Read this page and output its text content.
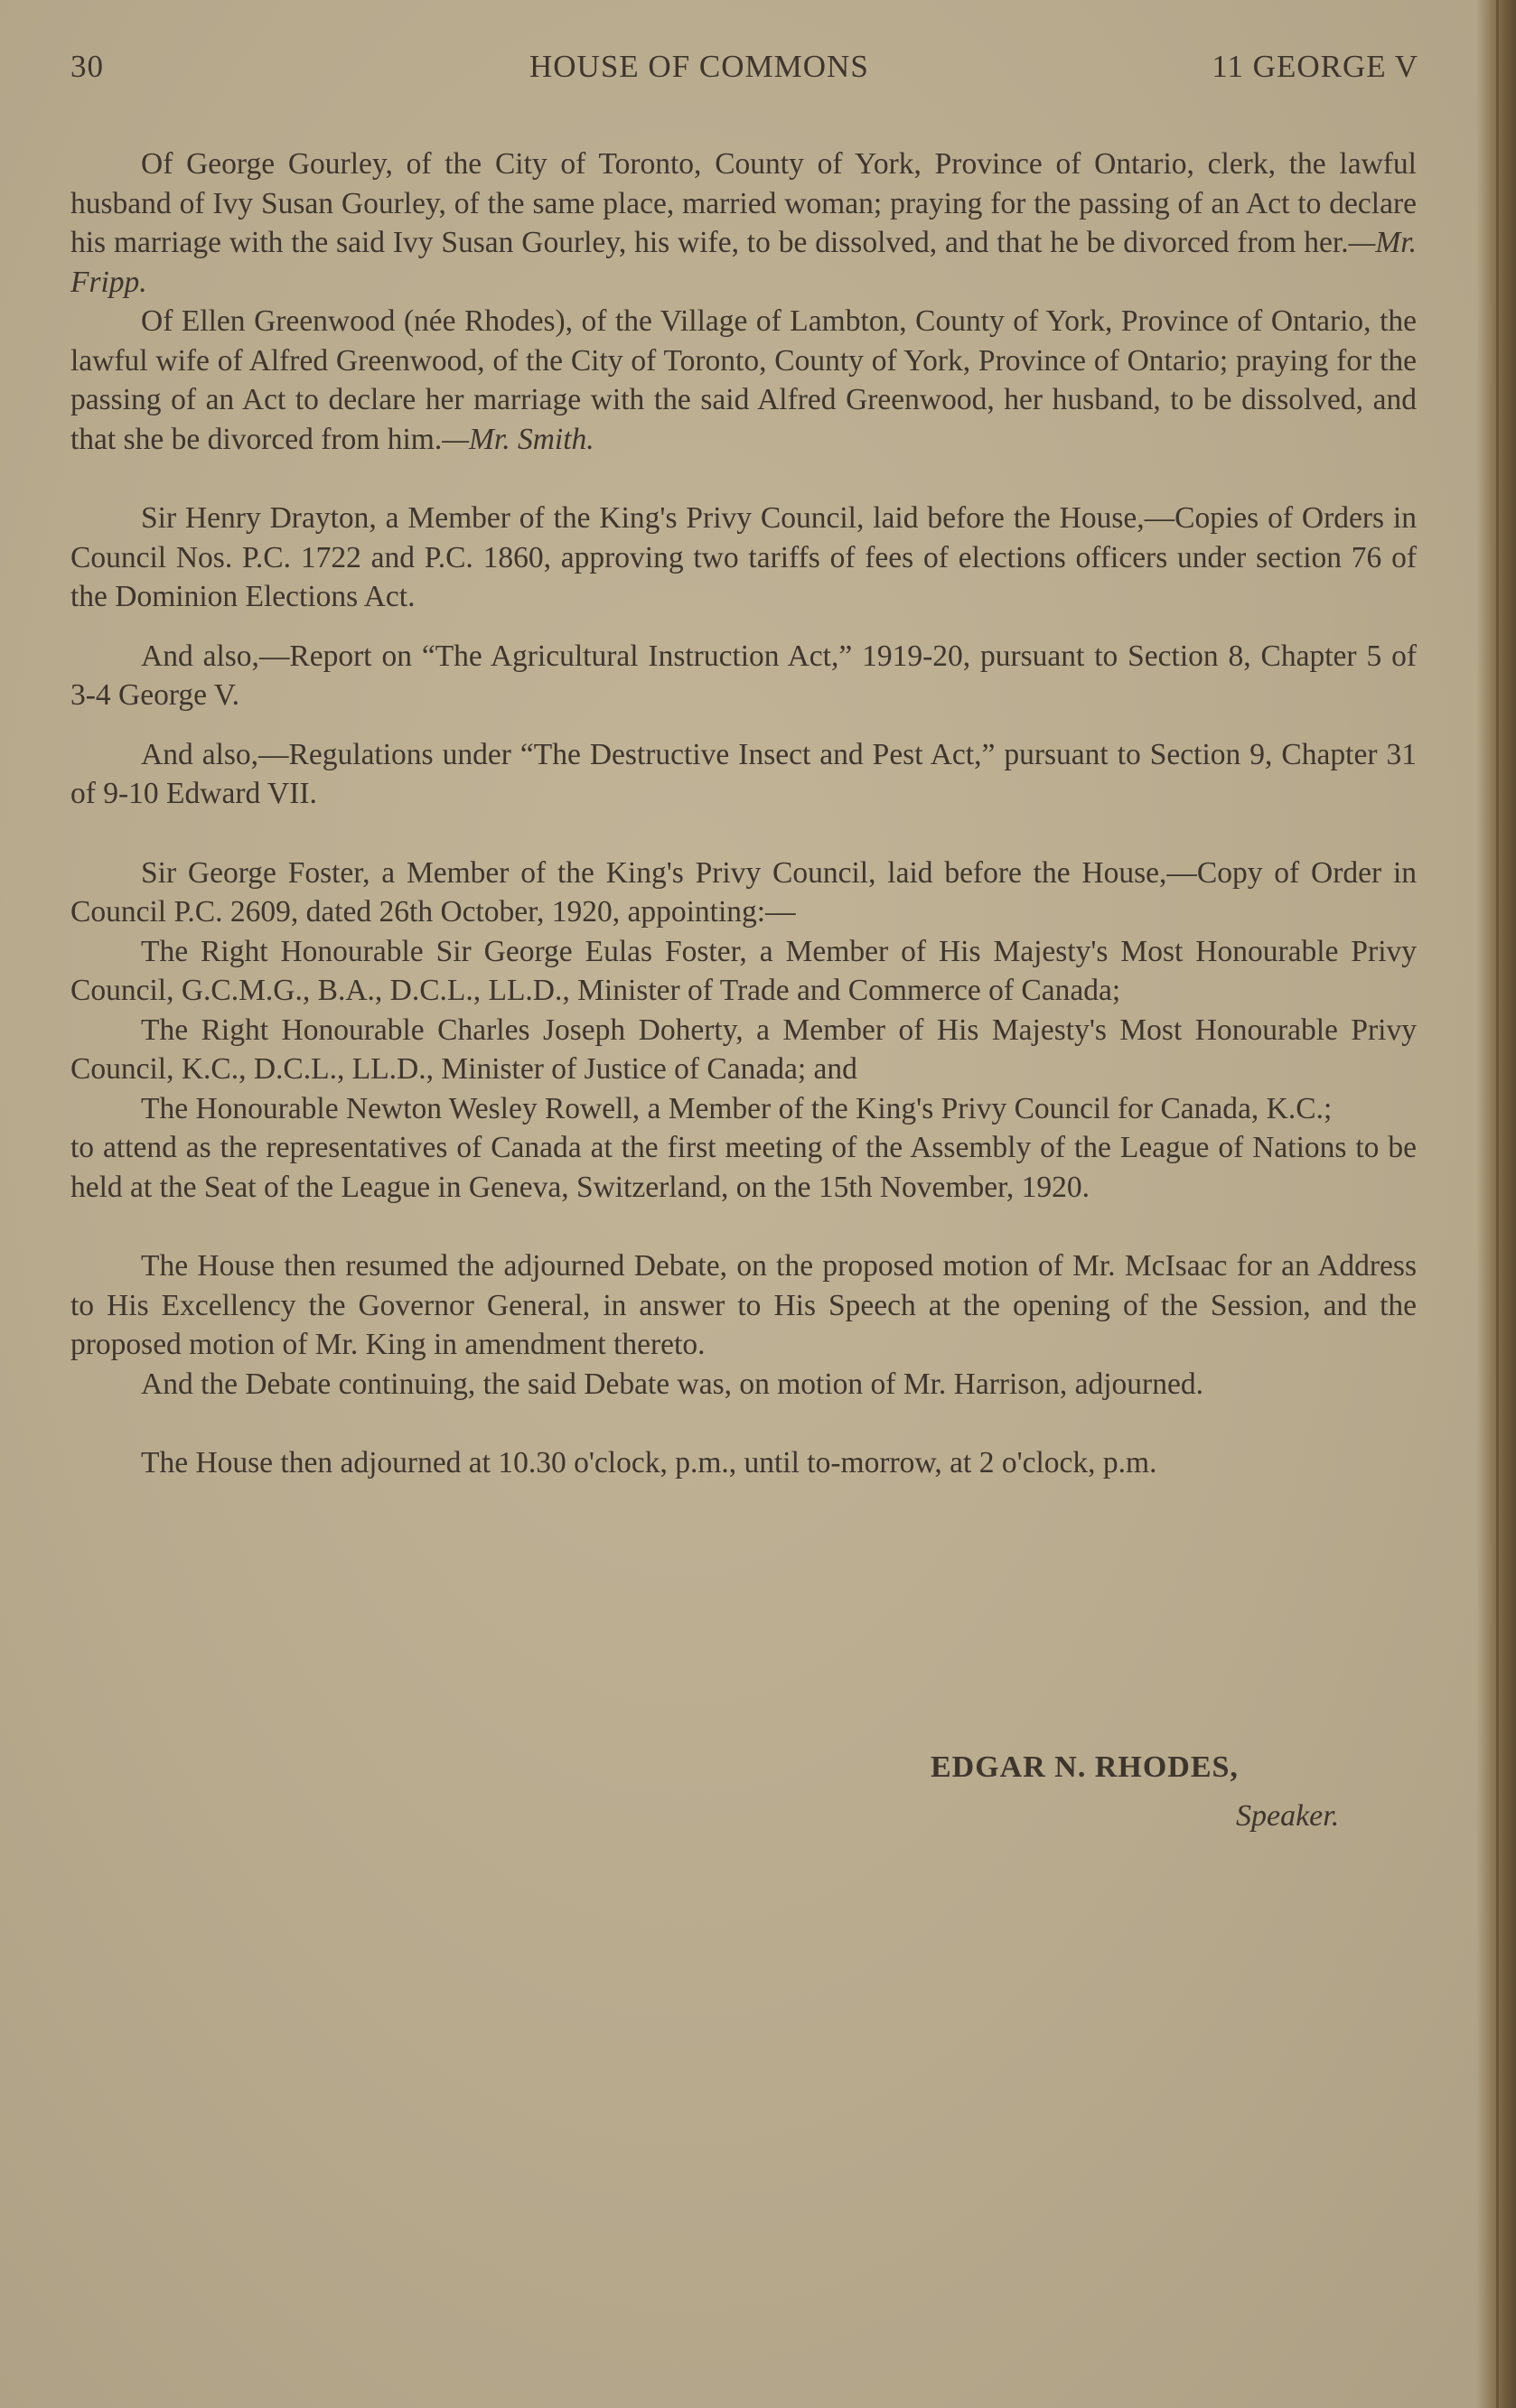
30	HOUSE OF COMMONS	11 GEORGE V

Of George Gourley, of the City of Toronto, County of York, Province of Ontario, clerk, the lawful husband of Ivy Susan Gourley, of the same place, married woman; praying for the passing of an Act to declare his marriage with the said Ivy Susan Gourley, his wife, to be dissolved, and that he be divorced from her.—Mr. Fripp.

Of Ellen Greenwood (née Rhodes), of the Village of Lambton, County of York, Province of Ontario, the lawful wife of Alfred Greenwood, of the City of Toronto, County of York, Province of Ontario; praying for the passing of an Act to declare her marriage with the said Alfred Greenwood, her husband, to be dissolved, and that she be divorced from him.—Mr. Smith.

Sir Henry Drayton, a Member of the King's Privy Council, laid before the House,—Copies of Orders in Council Nos. P.C. 1722 and P.C. 1860, approving two tariffs of fees of elections officers under section 76 of the Dominion Elections Act.

And also,—Report on “The Agricultural Instruction Act,” 1919-20, pursuant to Section 8, Chapter 5 of 3-4 George V.

And also,—Regulations under “The Destructive Insect and Pest Act,” pursuant to Section 9, Chapter 31 of 9-10 Edward VII.

Sir George Foster, a Member of the King's Privy Council, laid before the House,—Copy of Order in Council P.C. 2609, dated 26th October, 1920, appointing:—

The Right Honourable Sir George Eulas Foster, a Member of His Majesty's Most Honourable Privy Council, G.C.M.G., B.A., D.C.L., LL.D., Minister of Trade and Commerce of Canada;

The Right Honourable Charles Joseph Doherty, a Member of His Majesty's Most Honourable Privy Council, K.C., D.C.L., LL.D., Minister of Justice of Canada; and

The Honourable Newton Wesley Rowell, a Member of the King's Privy Council for Canada, K.C.;

to attend as the representatives of Canada at the first meeting of the Assembly of the League of Nations to be held at the Seat of the League in Geneva, Switzerland, on the 15th November, 1920.

The House then resumed the adjourned Debate, on the proposed motion of Mr. McIsaac for an Address to His Excellency the Governor General, in answer to His Speech at the opening of the Session, and the proposed motion of Mr. King in amendment thereto.

And the Debate continuing, the said Debate was, on motion of Mr. Harrison, adjourned.

The House then adjourned at 10.30 o'clock, p.m., until to-morrow, at 2 o'clock, p.m.

EDGAR N. RHODES,
Speaker.
